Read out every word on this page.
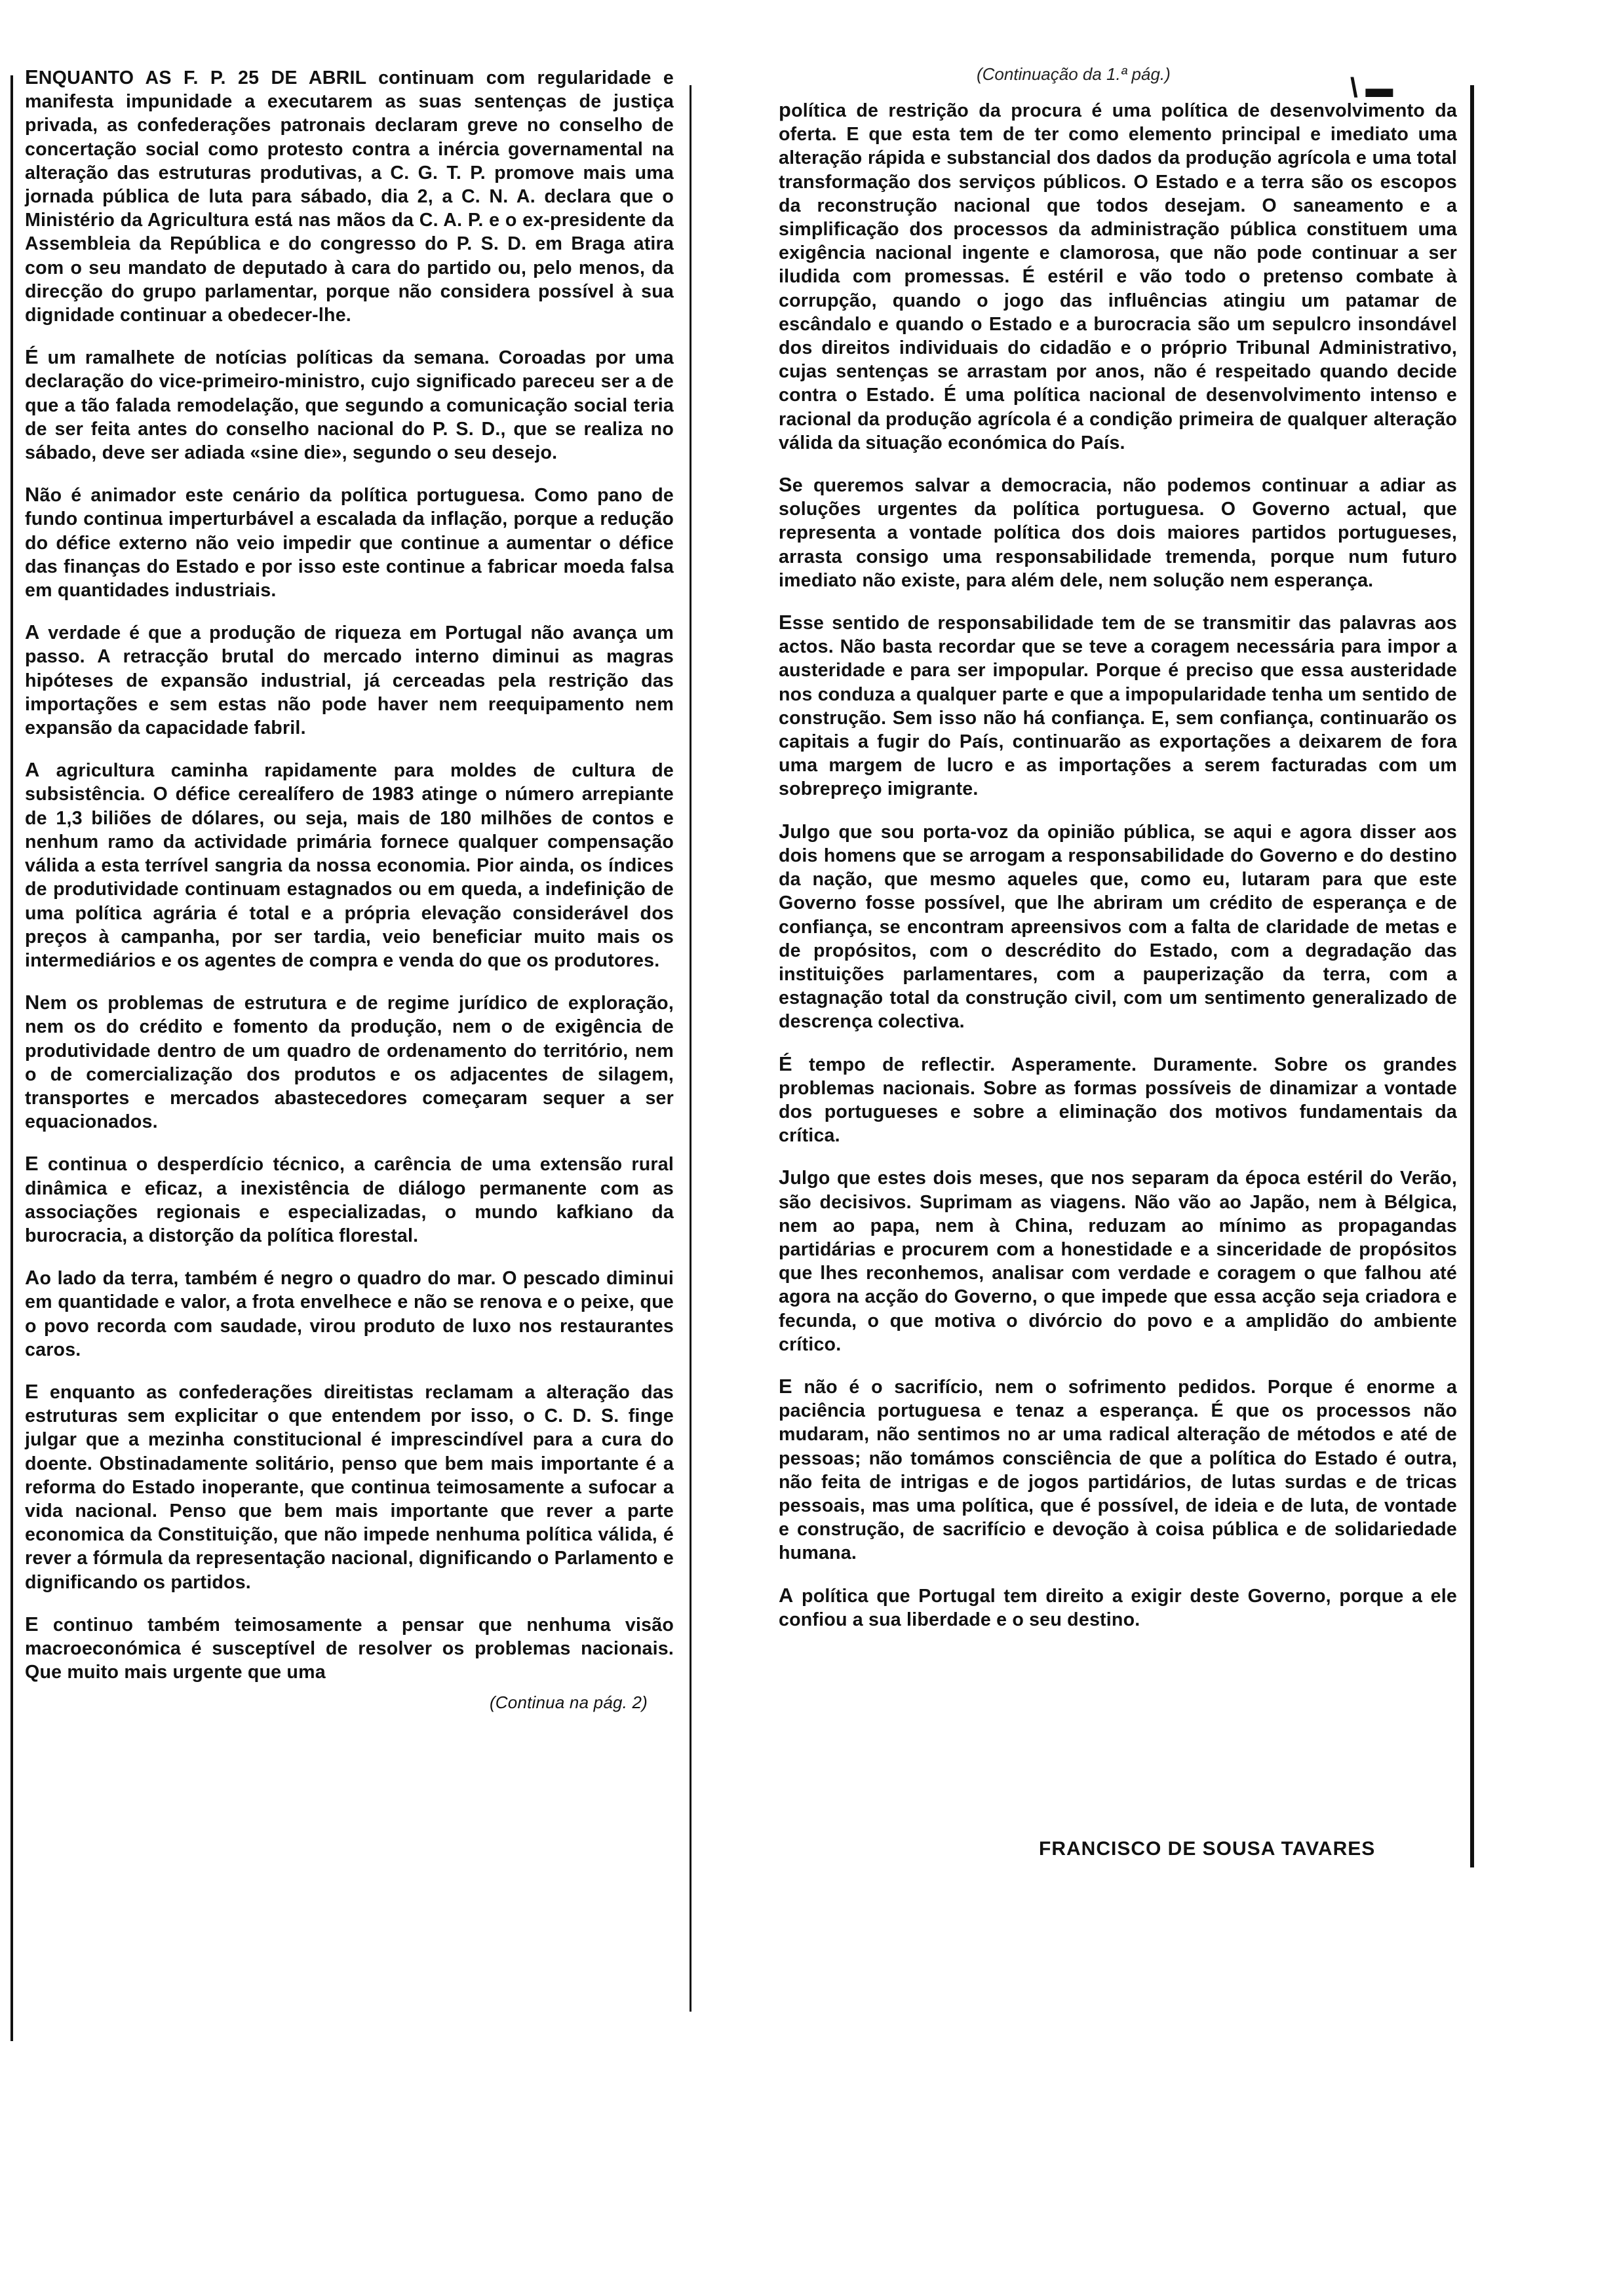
(Continuação da 1.ª pág.)	\ ▬

ENQUANTO AS F. P. 25 DE ABRIL continuam com regularidade e manifesta impunidade a executarem as suas sentenças de justiça privada, as confederações patronais declaram greve no conselho de concertação social como protesto contra a inércia governamental na alteração das estruturas produtivas, a C. G. T. P. promove mais uma jornada pública de luta para sábado, dia 2, a C. N. A. declara que o Ministério da Agricultura está nas mãos da C. A. P. e o ex-presidente da Assembleia da República e do congresso do P. S. D. em Braga atira com o seu mandato de deputado à cara do partido ou, pelo menos, da direcção do grupo parlamentar, porque não considera possível à sua dignidade continuar a obedecer-lhe.

É um ramalhete de notícias políticas da semana. Coroadas por uma declaração do vice-primeiro-ministro, cujo significado pareceu ser a de que a tão falada remodelação, que segundo a comunicação social teria de ser feita antes do conselho nacional do P. S. D., que se realiza no sábado, deve ser adiada «sine die», segundo o seu desejo.

Não é animador este cenário da política portuguesa. Como pano de fundo continua imperturbável a escalada da inflação, porque a redução do défice externo não veio impedir que continue a aumentar o défice das finanças do Estado e por isso este continue a fabricar moeda falsa em quantidades industriais.

A verdade é que a produção de riqueza em Portugal não avança um passo. A retracção brutal do mercado interno diminui as magras hipóteses de expansão industrial, já cerceadas pela restrição das importações e sem estas não pode haver nem reequipamento nem expansão da capacidade fabril.

A agricultura caminha rapidamente para moldes de cultura de subsistência. O défice cerealífero de 1983 atinge o número arrepiante de 1,3 biliões de dólares, ou seja, mais de 180 milhões de contos e nenhum ramo da actividade primária fornece qualquer compensação válida a esta terrível sangria da nossa economia. Pior ainda, os índices de produtividade continuam estagnados ou em queda, a indefinição de uma política agrária é total e a própria elevação considerável dos preços à campanha, por ser tardia, veio beneficiar muito mais os intermediários e os agentes de compra e venda do que os produtores.

Nem os problemas de estrutura e de regime jurídico de exploração, nem os do crédito e fomento da produção, nem o de exigência de produtividade dentro de um quadro de ordenamento do território, nem o de comercialização dos produtos e os adjacentes de silagem, transportes e mercados abastecedores começaram sequer a ser equacionados.

E continua o desperdício técnico, a carência de uma extensão rural dinâmica e eficaz, a inexistência de diálogo permanente com as associações regionais e especializadas, o mundo kafkiano da burocracia, a distorção da política florestal.

Ao lado da terra, também é negro o quadro do mar. O pescado diminui em quantidade e valor, a frota envelhece e não se renova e o peixe, que o povo recorda com saudade, virou produto de luxo nos restaurantes caros.

E enquanto as confederações direitistas reclamam a alteração das estruturas sem explicitar o que entendem por isso, o C. D. S. finge julgar que a mezinha constitucional é imprescindível para a cura do doente. Obstinadamente solitário, penso que bem mais importante é a reforma do Estado inoperante, que continua teimosamente a sufocar a vida nacional. Penso que bem mais importante que rever a parte economica da Constituição, que não impede nenhuma política válida, é rever a fórmula da representação nacional, dignificando o Parlamento e dignificando os partidos.

E continuo também teimosamente a pensar que nenhuma visão macroeconómica é susceptível de resolver os problemas nacionais. Que muito mais urgente que uma

(Continua na pág. 2)

política de restrição da procura é uma política de desenvolvimento da oferta. E que esta tem de ter como elemento principal e imediato uma alteração rápida e substancial dos dados da produção agrícola e uma total transformação dos serviços públicos. O Estado e a terra são os escopos da reconstrução nacional que todos desejam. O saneamento e a simplificação dos processos da administração pública constituem uma exigência nacional ingente e clamorosa, que não pode continuar a ser iludida com promessas. É estéril e vão todo o pretenso combate à corrupção, quando o jogo das influências atingiu um patamar de escândalo e quando o Estado e a burocracia são um sepulcro insondável dos direitos individuais do cidadão e o próprio Tribunal Administrativo, cujas sentenças se arrastam por anos, não é respeitado quando decide contra o Estado. É uma política nacional de desenvolvimento intenso e racional da produção agrícola é a condição primeira de qualquer alteração válida da situação económica do País.

Se queremos salvar a democracia, não podemos continuar a adiar as soluções urgentes da política portuguesa. O Governo actual, que representa a vontade política dos dois maiores partidos portugueses, arrasta consigo uma responsabilidade tremenda, porque num futuro imediato não existe, para além dele, nem solução nem esperança.

Esse sentido de responsabilidade tem de se transmitir das palavras aos actos. Não basta recordar que se teve a coragem necessária para impor a austeridade e para ser impopular. Porque é preciso que essa austeridade nos conduza a qualquer parte e que a impopularidade tenha um sentido de construção. Sem isso não há confiança. E, sem confiança, continuarão os capitais a fugir do País, continuarão as exportações a deixarem de fora uma margem de lucro e as importações a serem facturadas com um sobrepreço imigrante.

Julgo que sou porta-voz da opinião pública, se aqui e agora disser aos dois homens que se arrogam a responsabilidade do Governo e do destino da nação, que mesmo aqueles que, como eu, lutaram para que este Governo fosse possível, que lhe abriram um crédito de esperança e de confiança, se encontram apreensivos com a falta de claridade de metas e de propósitos, com o descrédito do Estado, com a degradação das instituições parlamentares, com a pauperização da terra, com a estagnação total da construção civil, com um sentimento generalizado de descrença colectiva.

É tempo de reflectir. Asperamente. Duramente. Sobre os grandes problemas nacionais. Sobre as formas possíveis de dinamizar a vontade dos portugueses e sobre a eliminação dos motivos fundamentais da crítica.

Julgo que estes dois meses, que nos separam da época estéril do Verão, são decisivos. Suprimam as viagens. Não vão ao Japão, nem à Bélgica, nem ao papa, nem à China, reduzam ao mínimo as propagandas partidárias e procurem com a honestidade e a sinceridade de propósitos que lhes reconhemos, analisar com verdade e coragem o que falhou até agora na acção do Governo, o que impede que essa acção seja criadora e fecunda, o que motiva o divórcio do povo e a amplidão do ambiente crítico.

E não é o sacrifício, nem o sofrimento pedidos. Porque é enorme a paciência portuguesa e tenaz a esperança. É que os processos não mudaram, não sentimos no ar uma radical alteração de métodos e até de pessoas; não tomámos consciência de que a política do Estado é outra, não feita de intrigas e de jogos partidários, de lutas surdas e de tricas pessoais, mas uma política, que é possível, de ideia e de luta, de vontade e construção, de sacrifício e devoção à coisa pública e de solidariedade humana.

A política que Portugal tem direito a exigir deste Governo, porque a ele confiou a sua liberdade e o seu destino.

FRANCISCO DE SOUSA TAVARES
